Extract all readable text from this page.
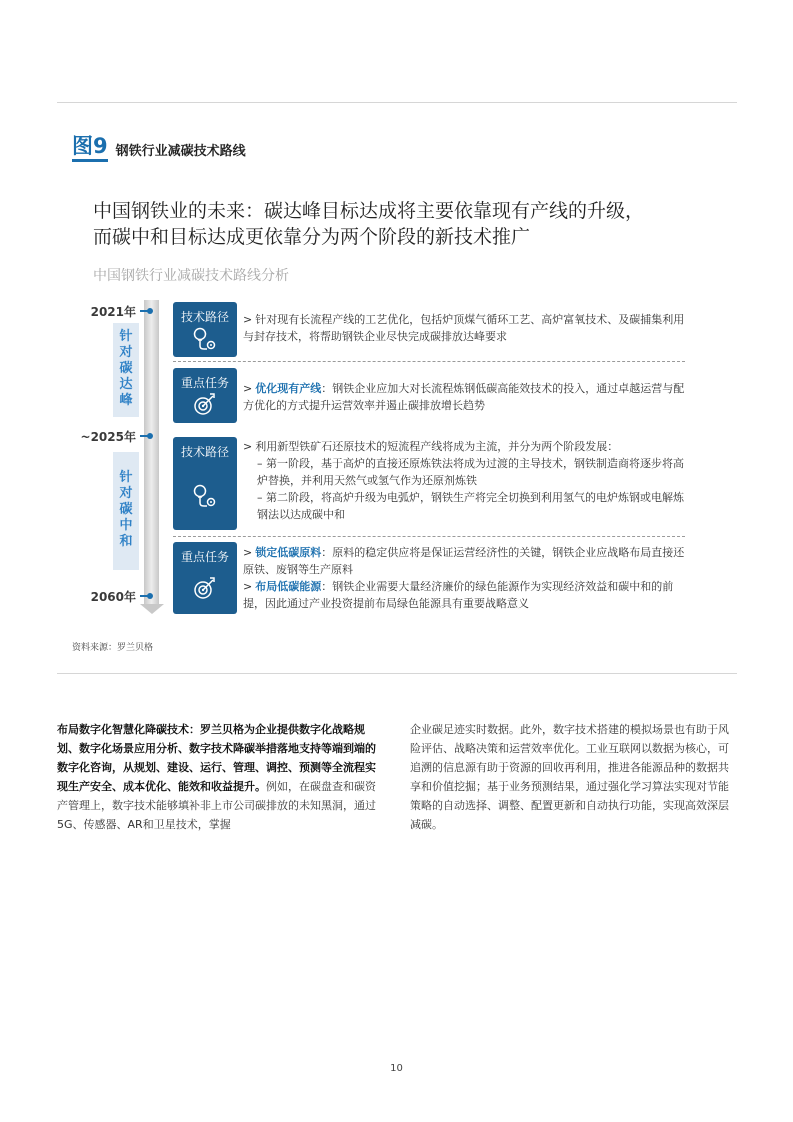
图9 钢铁行业减碳技术路线
中国钢铁业的未来：碳达峰目标达成将主要依靠现有产线的升级，
而碳中和目标达成更依靠分为两个阶段的新技术推广
中国钢铁行业减碳技术路线分析
2021年
~2025年
2060年
针
对
碳
达
峰
针
对
碳
中
和
技术路径	> 针对现有长流程产线的工艺优化，包括炉顶煤气循环工艺、高炉富氧技术、及碳捕集利用与封存技术，将帮助钢铁企业尽快完成碳排放达峰要求
重点任务	> 优化现有产线：钢铁企业应加大对长流程炼钢低碳高能效技术的投入，通过卓越运营与配方优化的方式提升运营效率并遏止碳排放增长趋势
技术路径	> 利用新型铁矿石还原技术的短流程产线将成为主流，并分为两个阶段发展：
– 第一阶段，基于高炉的直接还原炼铁法将成为过渡的主导技术，钢铁制造商将逐步将高炉替换，并利用天然气或氢气作为还原剂炼铁
– 第二阶段，将高炉升级为电弧炉，钢铁生产将完全切换到利用氢气的电炉炼钢或电解炼钢法以达成碳中和
重点任务	> 锁定低碳原料：原料的稳定供应将是保证运营经济性的关键，钢铁企业应战略布局直接还原铁、废钢等生产原料
> 布局低碳能源：钢铁企业需要大量经济廉价的绿色能源作为实现经济效益和碳中和的前提，因此通过产业投资提前布局绿色能源具有重要战略意义
资料来源：罗兰贝格
布局数字化智慧化降碳技术：罗兰贝格为企业提供数字化战略规划、数字化场景应用分析、数字技术降碳举措落地支持等端到端的数字化咨询，从规划、建设、运行、管理、调控、预测等全流程实现生产安全、成本优化、能效和收益提升。例如，在碳盘查和碳资产管理上，数字技术能够填补非上市公司碳排放的未知黑洞，通过5G、传感器、AR和卫星技术，掌握
企业碳足迹实时数据。此外，数字技术搭建的模拟场景也有助于风险评估、战略决策和运营效率优化。工业互联网以数据为核心，可追溯的信息源有助于资源的回收再利用，推进各能源品种的数据共享和价值挖掘；基于业务预测结果，通过强化学习算法实现对节能策略的自动选择、调整、配置更新和自动执行功能，实现高效深层减碳。
10
